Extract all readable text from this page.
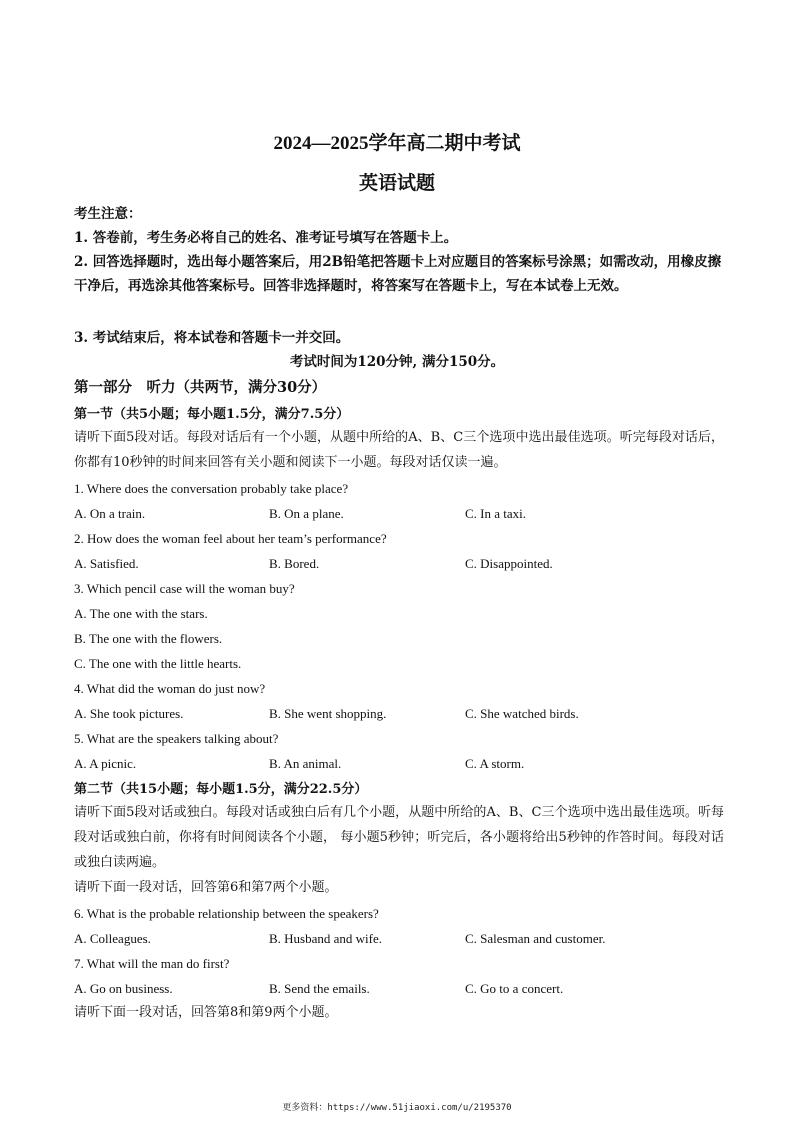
2024—2025学年高二期中考试
英语试题
考生注意：
1. 答卷前，考生务必将自己的姓名、准考证号填写在答题卡上。
2. 回答选择题时，选出每小题答案后，用2B铅笔把答题卡上对应题目的答案标号涂黑；如需改动，用橡皮擦干净后，再选涂其他答案标号。回答非选择题时，将答案写在答题卡上，写在本试卷上无效。
3. 考试结束后，将本试卷和答题卡一并交回。
考试时间为120分钟, 满分150分。
第一部分　听力（共两节，满分30分）
第一节（共5小题；每小题1.5分，满分7.5分）
请听下面5段对话。每段对话后有一个小题，从题中所给的A、B、C三个选项中选出最佳选项。听完每段对话后，你都有10秒钟的时间来回答有关小题和阅读下一小题。每段对话仅读一遍。
1. Where does the conversation probably take place?
A. On a train.	B. On a plane.	C. In a taxi.
2. How does the woman feel about her team’s performance?
A. Satisfied.	B. Bored.	C. Disappointed.
3. Which pencil case will the woman buy?
A. The one with the stars.
B. The one with the flowers.
C. The one with the little hearts.
4. What did the woman do just now?
A. She took pictures.	B. She went shopping.	C. She watched birds.
5. What are the speakers talking about?
A. A picnic.	B. An animal.	C. A storm.
第二节（共15小题；每小题1.5分，满分22.5分）
请听下面5段对话或独白。每段对话或独白后有几个小题，从题中所给的A、B、C三个选项中选出最佳选项。听每段对话或独白前，你将有时间阅读各个小题， 每小题5秒钟；听完后，各小题将给出5秒钟的作答时间。每段对话或独白读两遍。
请听下面一段对话，回答第6和第7两个小题。
6. What is the probable relationship between the speakers?
A. Colleagues.	B. Husband and wife.	C. Salesman and customer.
7. What will the man do first?
A. Go on business.	B. Send the emails.	C. Go to a concert.
请听下面一段对话，回答第8和第9两个小题。
更多资料：https://www.51jiaoxi.com/u/2195370
